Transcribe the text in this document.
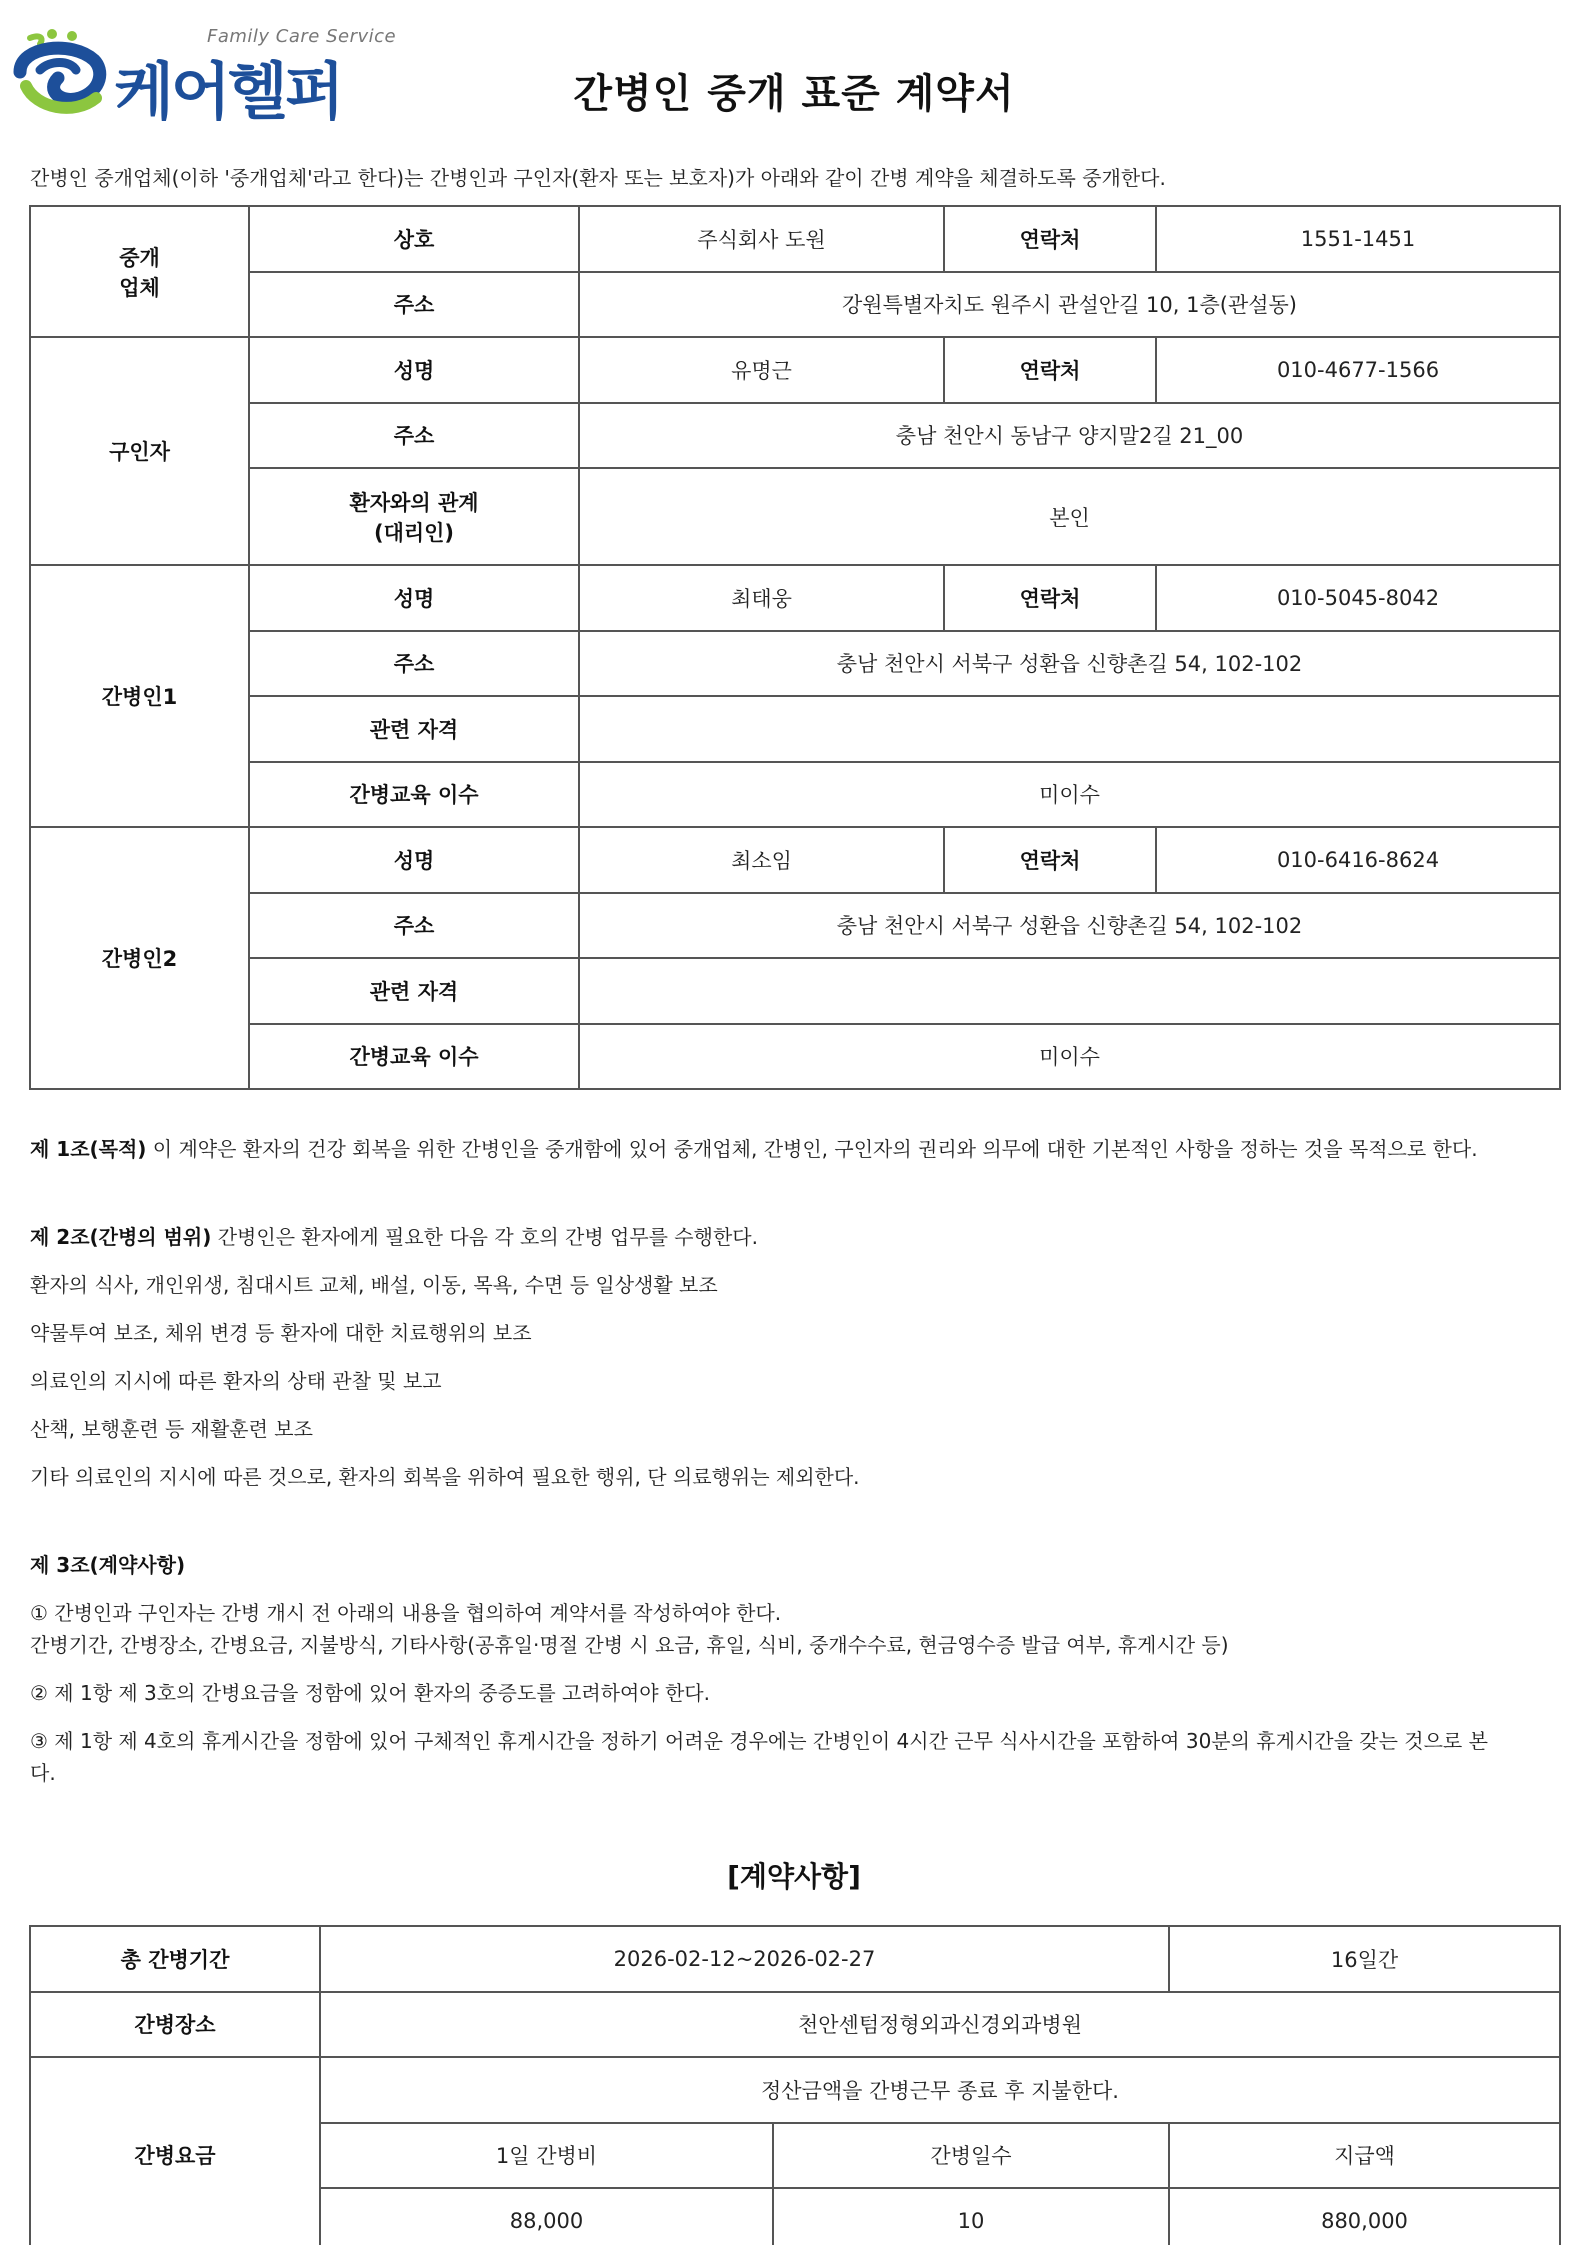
Family Care Service
케어헬퍼	간병인 중개 표준 계약서
간병인 중개업체(이하 '중개업체'라고 한다)는 간병인과 구인자(환자 또는 보호자)가 아래와 같이 간병 계약을 체결하도록 중개한다.
중개
업체	상호	주식회사 도원	연락처	1551-1451
	주소	강원특별자치도 원주시 관설안길 10, 1층(관설동)		
구인자	성명	유명근	연락처	010-4677-1566
	주소	충남 천안시 동남구 양지말2길 21_00		
	환자와의 관계
(대리인)	본인		
간병인1	성명	최태웅	연락처	010-5045-8042
	주소	충남 천안시 서북구 성환읍 신향촌길 54, 102-102		
	관련 자격			
	간병교육 이수	미이수		
간병인2	성명	최소임	연락처	010-6416-8624
	주소	충남 천안시 서북구 성환읍 신향촌길 54, 102-102		
	관련 자격			
	간병교육 이수	미이수		
제 1조(목적) 이 계약은 환자의 건강 회복을 위한 간병인을 중개함에 있어 중개업체, 간병인, 구인자의 권리와 의무에 대한 기본적인 사항을 정하는 것을 목적으로 한다.
제 2조(간병의 범위) 간병인은 환자에게 필요한 다음 각 호의 간병 업무를 수행한다.
환자의 식사, 개인위생, 침대시트 교체, 배설, 이동, 목욕, 수면 등 일상생활 보조
약물투여 보조, 체위 변경 등 환자에 대한 치료행위의 보조
의료인의 지시에 따른 환자의 상태 관찰 및 보고
산책, 보행훈련 등 재활훈련 보조
기타 의료인의 지시에 따른 것으로, 환자의 회복을 위하여 필요한 행위, 단 의료행위는 제외한다.
제 3조(계약사항)
① 간병인과 구인자는 간병 개시 전 아래의 내용을 협의하여 계약서를 작성하여야 한다.
간병기간, 간병장소, 간병요금, 지불방식, 기타사항(공휴일·명절 간병 시 요금, 휴일, 식비, 중개수수료, 현금영수증 발급 여부, 휴게시간 등)
② 제 1항 제 3호의 간병요금을 정함에 있어 환자의 중증도를 고려하여야 한다.
③ 제 1항 제 4호의 휴게시간을 정함에 있어 구체적인 휴게시간을 정하기 어려운 경우에는 간병인이 4시간 근무 식사시간을 포함하여 30분의 휴게시간을 갖는 것으로 본
다.
[계약사항]
총 간병기간	2026-02-12~2026-02-27		16일간
간병장소	천안센텀정형외과신경외과병원		
간병요금	정산금액을 간병근무 종료 후 지불한다.		
	1일 간병비	간병일수	지급액
	88,000	10	880,000
